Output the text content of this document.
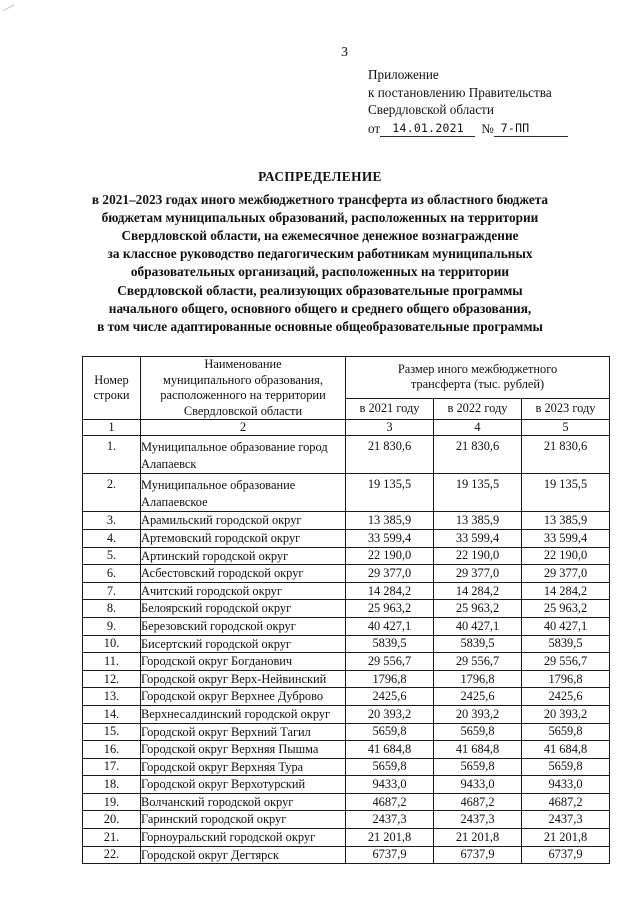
3
Приложение
к постановлению Правительства
Свердловской области
от	14.01.2021	№ 7-ПП
РАСПРЕДЕЛЕНИЕ
в 2021–2023 годах иного межбюджетного трансферта из областного бюджета
бюджетам муниципальных образований, расположенных на территории
Свердловской области, на ежемесячное денежное вознаграждение
за классное руководство педагогическим работникам муниципальных
образовательных организаций, расположенных на территории
Свердловской области, реализующих образовательные программы
начального общего, основного общего и среднего общего образования,
в том числе адаптированные основные общеобразовательные программы
Номер
строки	Наименование
муниципального образования,
расположенного на территории
Свердловской области	Размер иного межбюджетного
трансферта (тыс. рублей)		

		в 2021 году	в 2022 году	в 2023 году
1	2	3	4	5
1.	Муниципальное образование город Алапаевск	21 830,6	21 830,6	21 830,6
2.	Муниципальное образование Алапаевское	19 135,5	19 135,5	19 135,5
3.	Арамильский городской округ	13 385,9	13 385,9	13 385,9
4.	Артемовский городской округ	33 599,4	33 599,4	33 599,4
5.	Артинский городской округ	22 190,0	22 190,0	22 190,0
6.	Асбестовский городской округ	29 377,0	29 377,0	29 377,0
7.	Ачитский городской округ	14 284,2	14 284,2	14 284,2
8.	Белоярский городской округ	25 963,2	25 963,2	25 963,2
9.	Березовский городской округ	40 427,1	40 427,1	40 427,1
10.	Бисертский городской округ	5839,5	5839,5	5839,5
11.	Городской округ Богданович	29 556,7	29 556,7	29 556,7
12.	Городской округ Верх-Нейвинский	1796,8	1796,8	1796,8
13.	Городской округ Верхнее Дуброво	2425,6	2425,6	2425,6
14.	Верхнесалдинский городской округ	20 393,2	20 393,2	20 393,2
15.	Городской округ Верхний Тагил	5659,8	5659,8	5659,8
16.	Городской округ Верхняя Пышма	41 684,8	41 684,8	41 684,8
17.	Городской округ Верхняя Тура	5659,8	5659,8	5659,8
18.	Городской округ Верхотурский	9433,0	9433,0	9433,0
19.	Волчанский городской округ	4687,2	4687,2	4687,2
20.	Гаринский городской округ	2437,3	2437,3	2437,3
21.	Горноуральский городской округ	21 201,8	21 201,8	21 201,8
22.	Городской округ Дегтярск	6737,9	6737,9	6737,9
